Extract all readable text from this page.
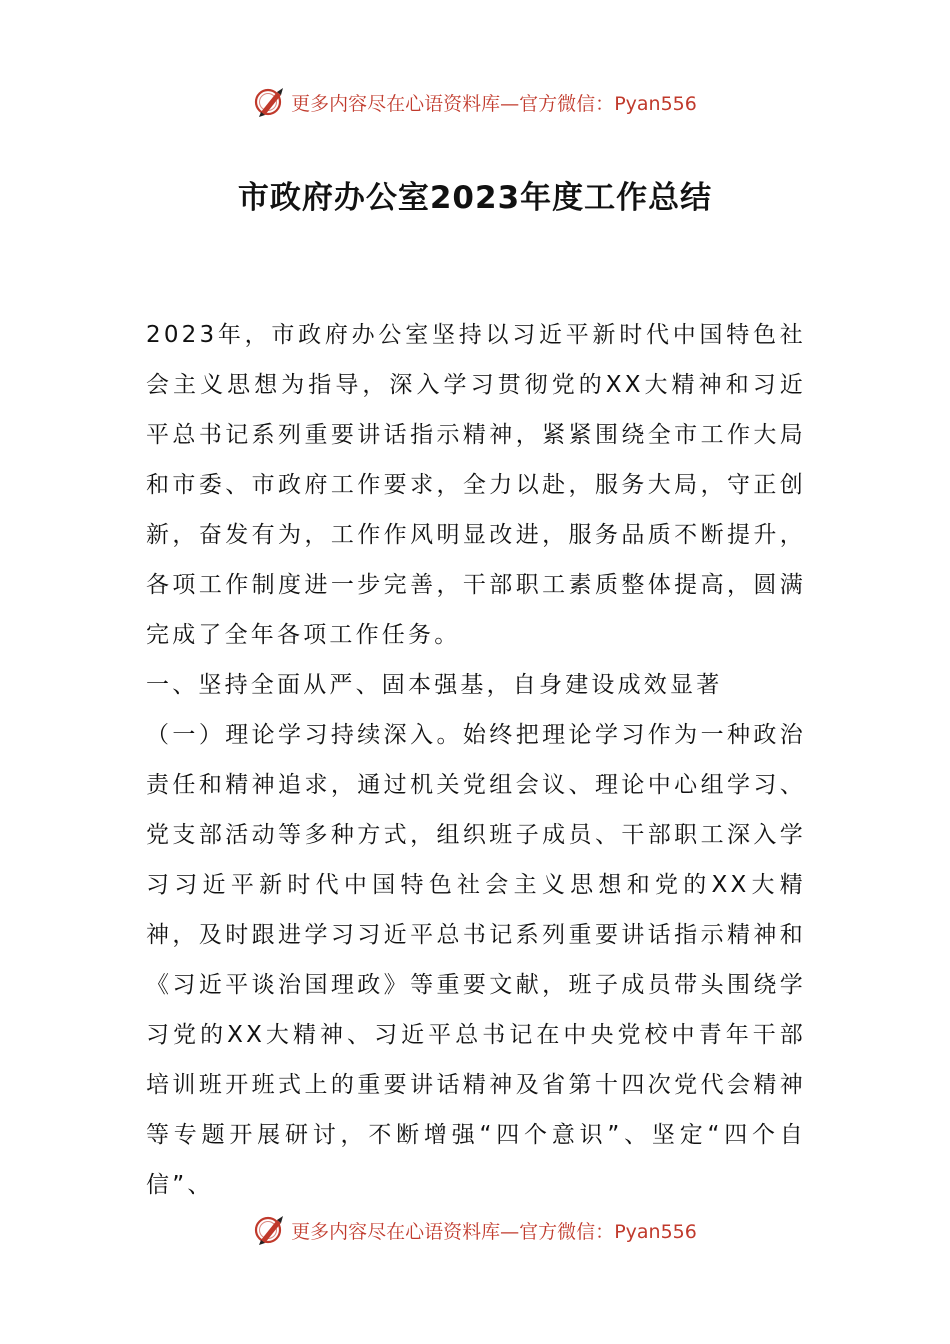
更多内容尽在心语资料库—官方微信：Pyan556
市政府办公室2023年度工作总结

2023年，市政府办公室坚持以习近平新时代中国特色社会主义思想为指导，深入学习贯彻党的XX大精神和习近平总书记系列重要讲话指示精神，紧紧围绕全市工作大局和市委、市政府工作要求，全力以赴，服务大局，守正创新，奋发有为，工作作风明显改进，服务品质不断提升，各项工作制度进一步完善，干部职工素质整体提高，圆满完成了全年各项工作任务。

一、坚持全面从严、固本强基，自身建设成效显著

（一）理论学习持续深入。始终把理论学习作为一种政治责任和精神追求，通过机关党组会议、理论中心组学习、党支部活动等多种方式，组织班子成员、干部职工深入学习习近平新时代中国特色社会主义思想和党的XX大精神，及时跟进学习习近平总书记系列重要讲话指示精神和《习近平谈治国理政》等重要文献，班子成员带头围绕学习党的XX大精神、习近平总书记在中央党校中青年干部培训班开班式上的重要讲话精神及省第十四次党代会精神等专题开展研讨，不断增强“四个意识”、坚定“四个自信”、

更多内容尽在心语资料库—官方微信：Pyan556
